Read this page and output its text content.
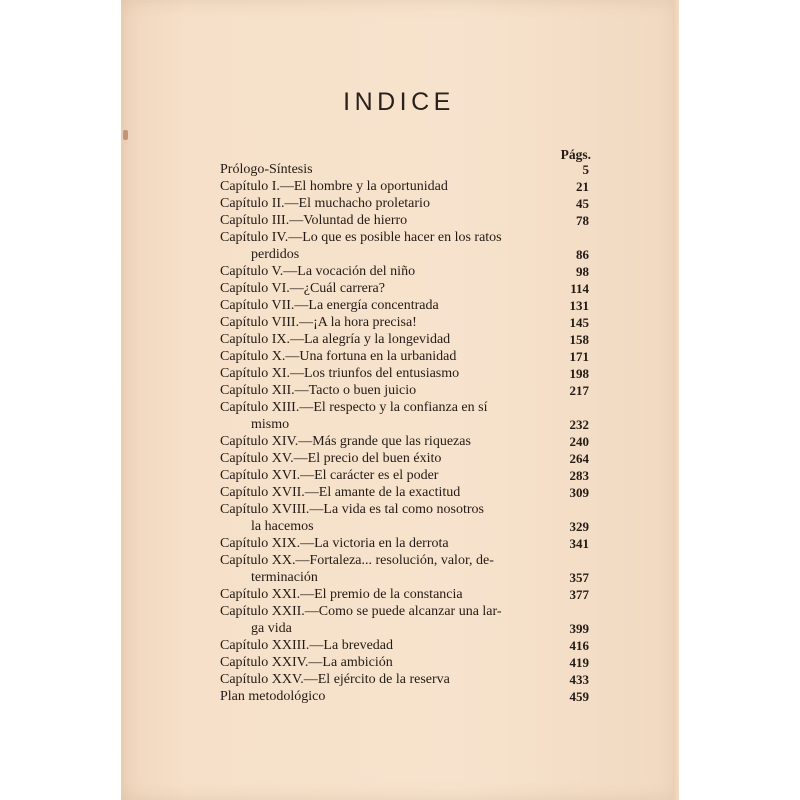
INDICE
Págs.
Prólogo-Síntesis	5
Capítulo I.—El hombre y la oportunidad	21
Capítulo II.—El muchacho proletario	45
Capítulo III.—Voluntad de hierro	78
Capítulo IV.—Lo que es posible hacer en los ratos
perdidos	86
Capítulo V.—La vocación del niño	98
Capítulo VI.—¿Cuál carrera?	114
Capítulo VII.—La energía concentrada	131
Capítulo VIII.—¡A la hora precisa!	145
Capítulo IX.—La alegría y la longevidad	158
Capítulo X.—Una fortuna en la urbanidad	171
Capítulo XI.—Los triunfos del entusiasmo	198
Capítulo XII.—Tacto o buen juicio	217
Capítulo XIII.—El respecto y la confianza en sí
mismo	232
Capítulo XIV.—Más grande que las riquezas	240
Capítulo XV.—El precio del buen éxito	264
Capítulo XVI.—El carácter es el poder	283
Capítulo XVII.—El amante de la exactitud	309
Capítulo XVIII.—La vida es tal como nosotros
la hacemos	329
Capítulo XIX.—La victoria en la derrota	341
Capítulo XX.—Fortaleza... resolución, valor, de-
terminación	357
Capítulo XXI.—El premio de la constancia	377
Capítulo XXII.—Como se puede alcanzar una lar-
ga vida	399
Capítulo XXIII.—La brevedad	416
Capítulo XXIV.—La ambición	419
Capítulo XXV.—El ejército de la reserva	433
Plan metodológico	459
